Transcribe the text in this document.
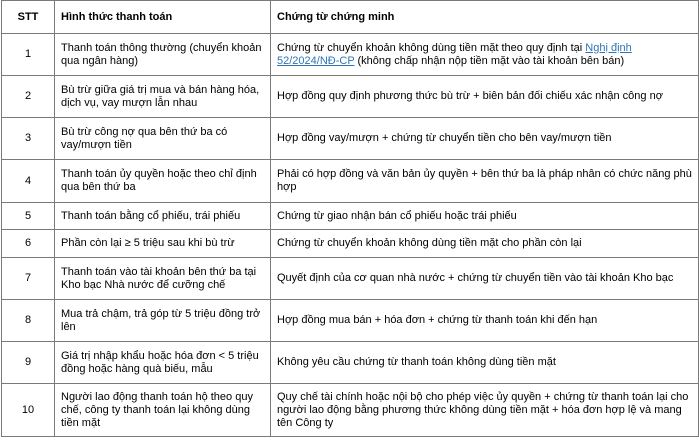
STT	Hình thức thanh toán	Chứng từ chứng minh
1	Thanh toán thông thường (chuyển khoản qua ngân hàng)	Chứng từ chuyển khoản không dùng tiền mặt theo quy định tại Nghị định 52/2024/NĐ-CP (không chấp nhận nộp tiền mặt vào tài khoản bên bán)
2	Bù trừ giữa giá trị mua và bán hàng hóa, dịch vụ, vay mượn lẫn nhau	Hợp đồng quy định phương thức bù trừ + biên bản đối chiếu xác nhận công nợ
3	Bù trừ công nợ qua bên thứ ba có vay/mượn tiền	Hợp đồng vay/mượn + chứng từ chuyển tiền cho bên vay/mượn tiền
4	Thanh toán ủy quyền hoặc theo chỉ định qua bên thứ ba	Phải có hợp đồng và văn bản ủy quyền + bên thứ ba là pháp nhân có chức năng phù hợp
5	Thanh toán bằng cổ phiếu, trái phiếu	Chứng từ giao nhận bán cổ phiếu hoặc trái phiếu
6	Phần còn lại ≥ 5 triệu sau khi bù trừ	Chứng từ chuyển khoản không dùng tiền mặt cho phần còn lại
7	Thanh toán vào tài khoản bên thứ ba tại Kho bạc Nhà nước để cưỡng chế	Quyết định của cơ quan nhà nước + chứng từ chuyển tiền vào tài khoản Kho bạc
8	Mua trả chậm, trả góp từ 5 triệu đồng trở lên	Hợp đồng mua bán + hóa đơn + chứng từ thanh toán khi đến hạn
9	Giá trị nhập khẩu hoặc hóa đơn < 5 triệu đồng hoặc hàng quà biếu, mẫu	Không yêu cầu chứng từ thanh toán không dùng tiền mặt
10	Người lao động thanh toán hộ theo quy chế, công ty thanh toán lại không dùng tiền mặt	Quy chế tài chính hoặc nội bộ cho phép việc ủy quyền + chứng từ thanh toán lại cho người lao động bằng phương thức không dùng tiền mặt + hóa đơn hợp lệ và mang tên Công ty
